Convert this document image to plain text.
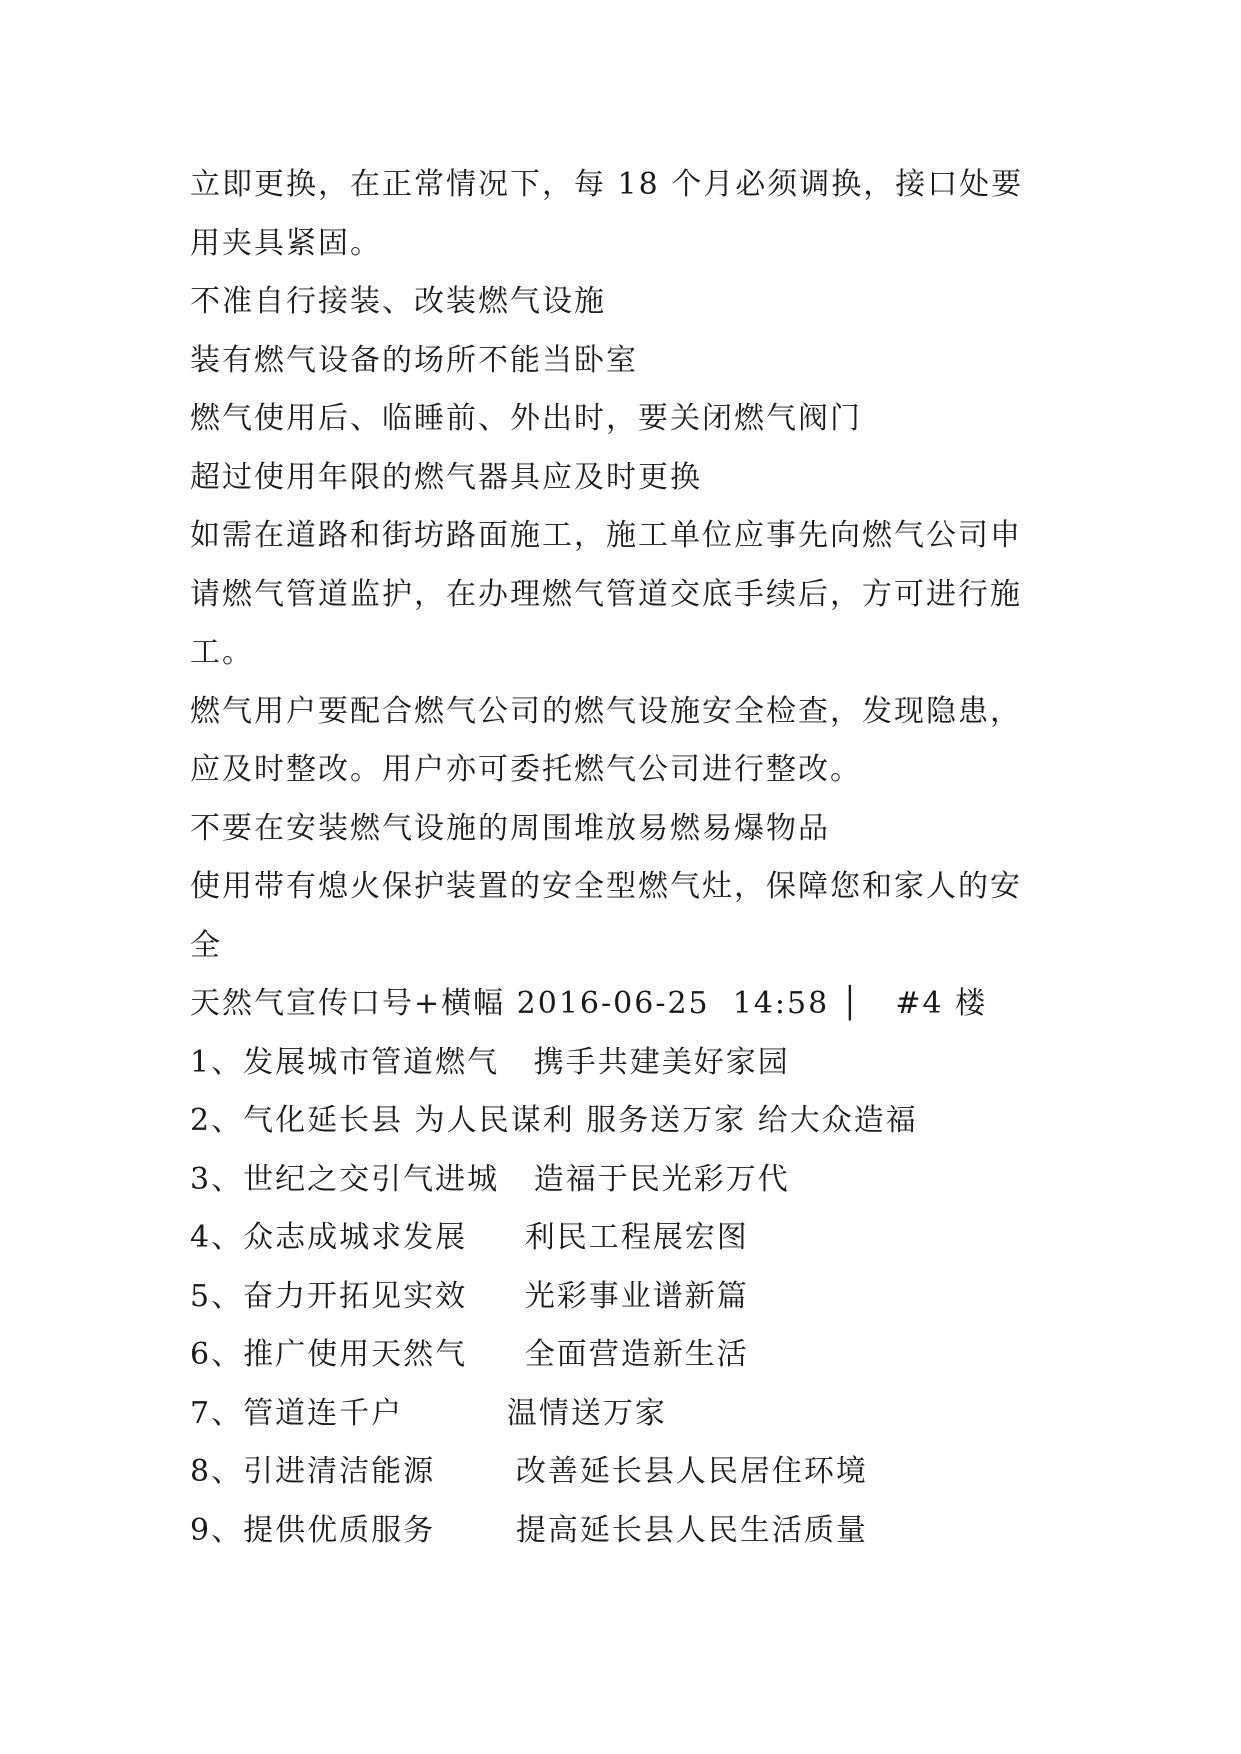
立即更换，在正常情况下，每 18 个月必须调换，接口处要
用夹具紧固。
不准自行接装、改装燃气设施
装有燃气设备的场所不能当卧室
燃气使用后、临睡前、外出时，要关闭燃气阀门
超过使用年限的燃气器具应及时更换
如需在道路和街坊路面施工，施工单位应事先向燃气公司申
请燃气管道监护，在办理燃气管道交底手续后，方可进行施
工。
燃气用户要配合燃气公司的燃气设施安全检查，发现隐患，
应及时整改。用户亦可委托燃气公司进行整改。
不要在安装燃气设施的周围堆放易燃易爆物品
使用带有熄火保护装置的安全型燃气灶，保障您和家人的安
全
天然气宣传口号+横幅 2016-06-25  14:58 │   #4 楼
1、发展城市管道燃气   携手共建美好家园
2、气化延长县 为人民谋利 服务送万家 给大众造福
3、世纪之交引气进城   造福于民光彩万代
4、众志成城求发展     利民工程展宏图
5、奋力开拓见实效     光彩事业谱新篇
6、推广使用天然气     全面营造新生活
7、管道连千户         温情送万家
8、引进清洁能源       改善延长县人民居住环境
9、提供优质服务       提高延长县人民生活质量
